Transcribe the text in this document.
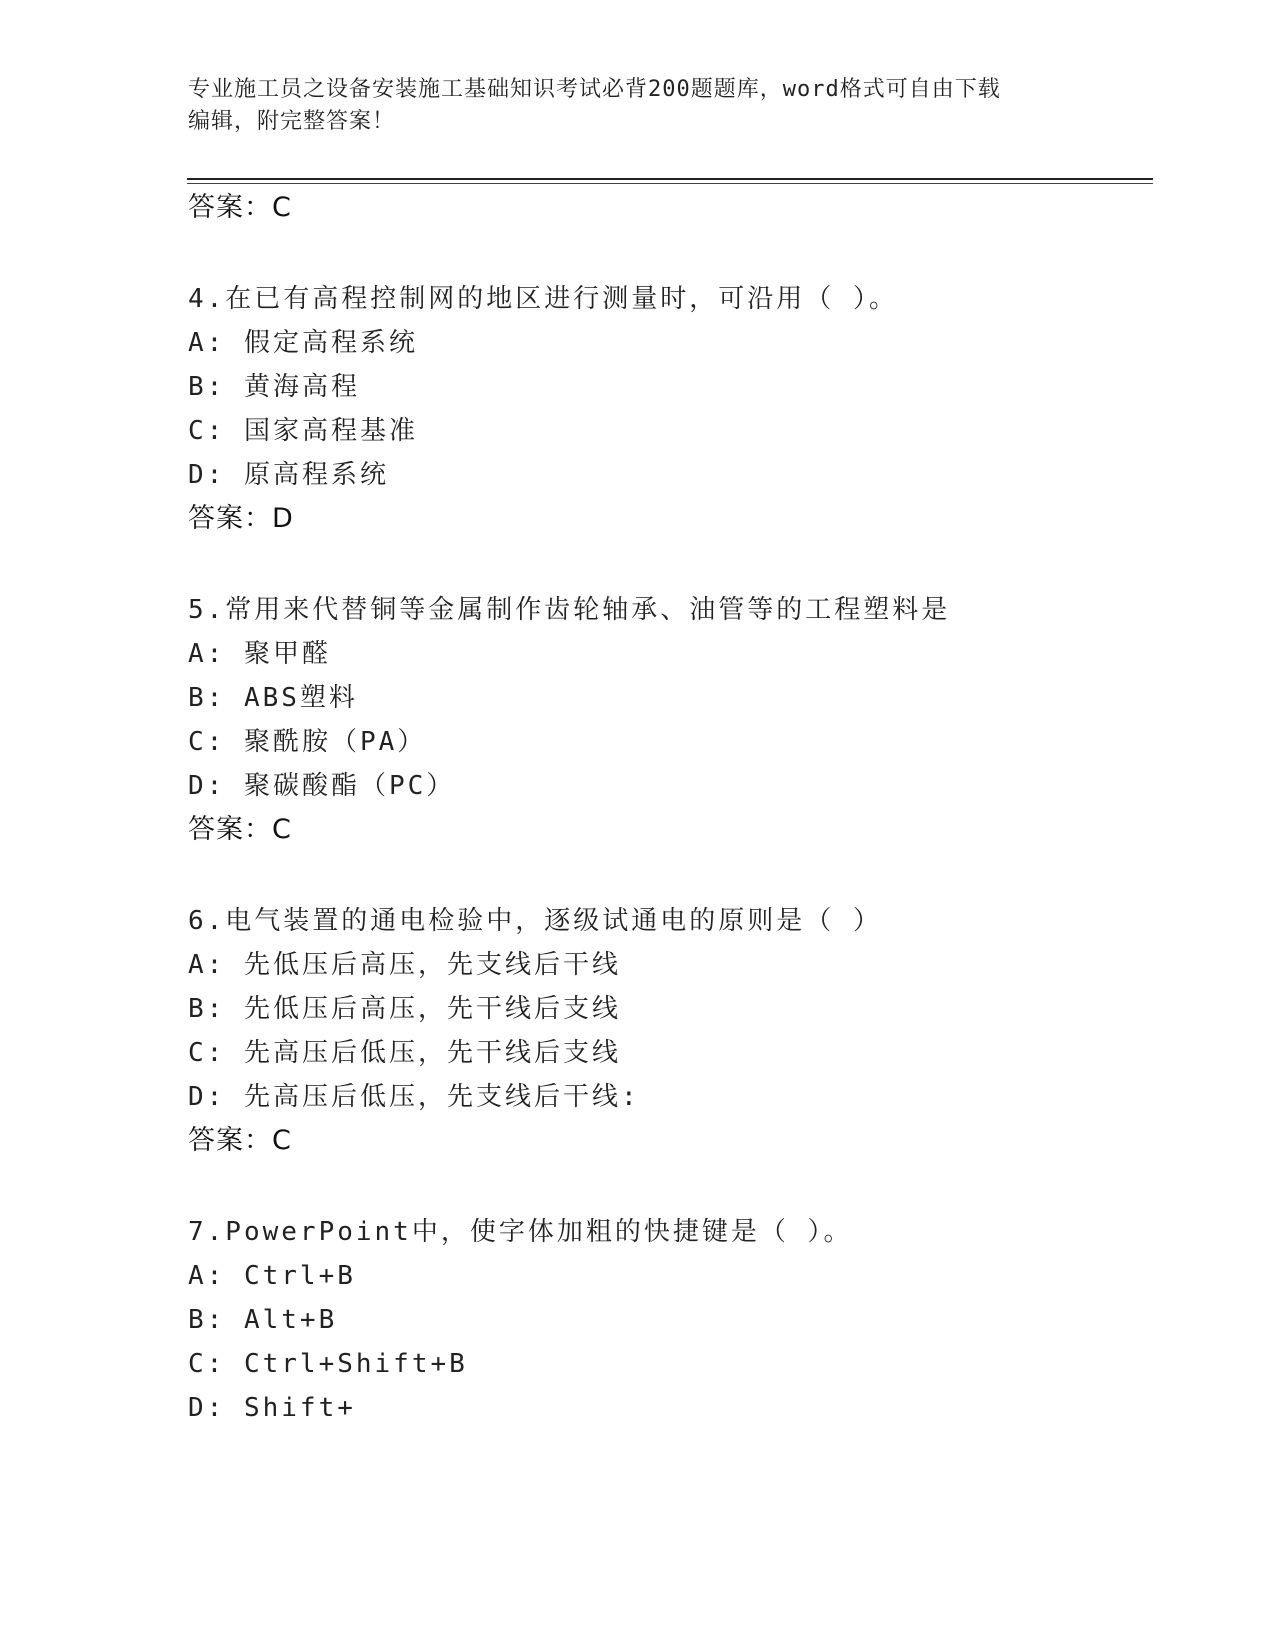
专业施工员之设备安装施工基础知识考试必背200题题库，word格式可自由下载
编辑，附完整答案！
答案：C
4.在已有高程控制网的地区进行测量时，可沿用（ ）。
A: 假定高程系统
B: 黄海高程
C: 国家高程基准
D: 原高程系统
答案：D
5.常用来代替铜等金属制作齿轮轴承、油管等的工程塑料是
A: 聚甲醛
B: ABS塑料
C: 聚酰胺（PA）
D: 聚碳酸酯（PC）
答案：C
6.电气装置的通电检验中，逐级试通电的原则是（ ）
A: 先低压后高压，先支线后干线
B: 先低压后高压，先干线后支线
C: 先高压后低压，先干线后支线
D: 先高压后低压，先支线后干线:
答案：C
7.PowerPoint中，使字体加粗的快捷键是（ ）。
A: Ctrl+B
B: Alt+B
C: Ctrl+Shift+B
D: Shift+
